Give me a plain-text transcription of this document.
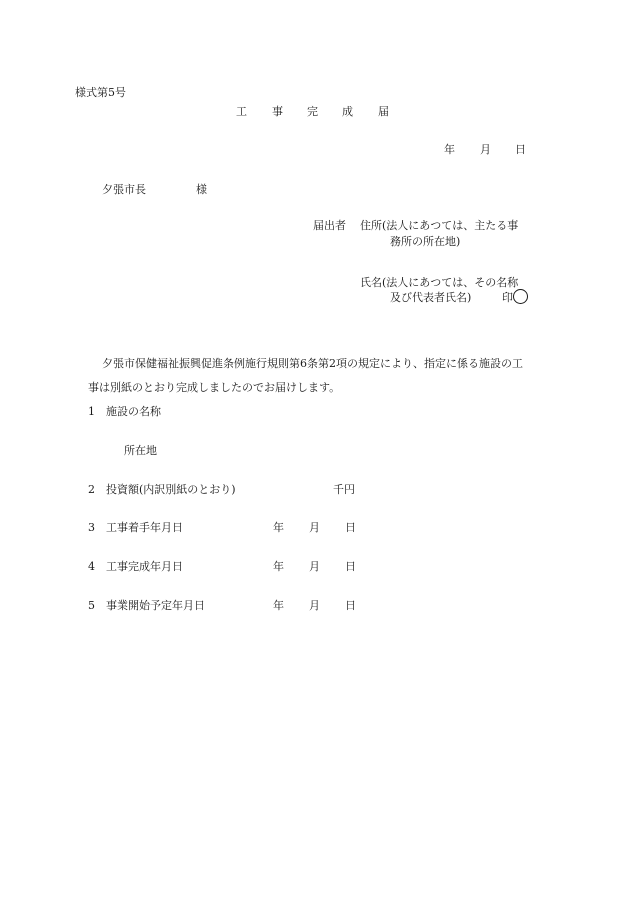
様式第5号
工 事 完 成 届
年 月 日
夕張市長	様
届出者 住所(法人にあつては、主たる事
務所の所在地)
氏名(法人にあつては、その名称
及び代表者氏名)	印
夕張市保健福祉振興促進条例施行規則第6条第2項の規定により、指定に係る施設の工
事は別紙のとおり完成しましたのでお届けします。
1 施設の名称
所在地
2 投資額(内訳別紙のとおり)	千円
3 工事着手年月日	年 月 日
4 工事完成年月日	年 月 日
5 事業開始予定年月日	年 月 日
